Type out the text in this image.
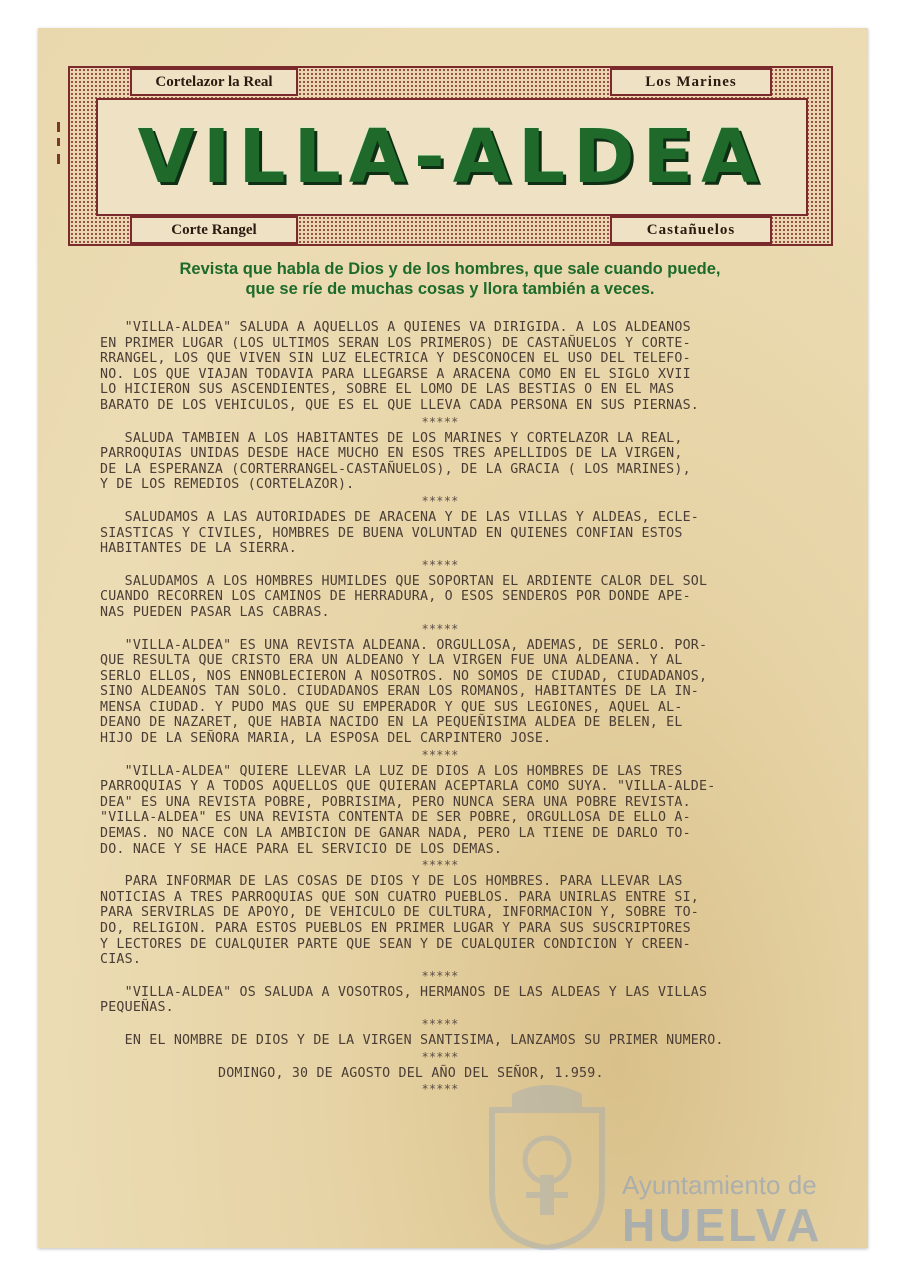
Cortelazor la Real	Los Marines
VILLA-ALDEA
Corte Rangel	Castañuelos
Revista que habla de Dios y de los hombres, que sale cuando puede,
que se ríe de muchas cosas y llora también a veces.
"VILLA-ALDEA" SALUDA A AQUELLOS A QUIENES VA DIRIGIDA. A LOS ALDEANOS
EN PRIMER LUGAR (LOS ULTIMOS SERAN LOS PRIMEROS) DE CASTAÑUELOS Y CORTE-
RRANGEL, LOS QUE VIVEN SIN LUZ ELECTRICA Y DESCONOCEN EL USO DEL TELEFO-
NO. LOS QUE VIAJAN TODAVIA PARA LLEGARSE A ARACENA COMO EN EL SIGLO XVII
LO HICIERON SUS ASCENDIENTES, SOBRE EL LOMO DE LAS BESTIAS O EN EL MAS
BARATO DE LOS VEHICULOS, QUE ES EL QUE LLEVA CADA PERSONA EN SUS PIERNAS.
*****
SALUDA TAMBIEN A LOS HABITANTES DE LOS MARINES Y CORTELAZOR LA REAL,
PARROQUIAS UNIDAS DESDE HACE MUCHO EN ESOS TRES APELLIDOS DE LA VIRGEN,
DE LA ESPERANZA (CORTERRANGEL-CASTAÑUELOS), DE LA GRACIA ( LOS MARINES),
Y DE LOS REMEDIOS (CORTELAZOR).
*****
SALUDAMOS A LAS AUTORIDADES DE ARACENA Y DE LAS VILLAS Y ALDEAS, ECLE-
SIASTICAS Y CIVILES, HOMBRES DE BUENA VOLUNTAD EN QUIENES CONFIAN ESTOS
HABITANTES DE LA SIERRA.
*****
SALUDAMOS A LOS HOMBRES HUMILDES QUE SOPORTAN EL ARDIENTE CALOR DEL SOL
CUANDO RECORREN LOS CAMINOS DE HERRADURA, O ESOS SENDEROS POR DONDE APE-
NAS PUEDEN PASAR LAS CABRAS.
*****
"VILLA-ALDEA" ES UNA REVISTA ALDEANA. ORGULLOSA, ADEMAS, DE SERLO. POR-
QUE RESULTA QUE CRISTO ERA UN ALDEANO Y LA VIRGEN FUE UNA ALDEANA. Y AL
SERLO ELLOS, NOS ENNOBLECIERON A NOSOTROS. NO SOMOS DE CIUDAD, CIUDADANOS,
SINO ALDEANOS TAN SOLO. CIUDADANOS ERAN LOS ROMANOS, HABITANTES DE LA IN-
MENSA CIUDAD. Y PUDO MAS QUE SU EMPERADOR Y QUE SUS LEGIONES, AQUEL AL-
DEANO DE NAZARET, QUE HABIA NACIDO EN LA PEQUEÑISIMA ALDEA DE BELEN, EL
HIJO DE LA SEÑORA MARIA, LA ESPOSA DEL CARPINTERO JOSE.
*****
"VILLA-ALDEA" QUIERE LLEVAR LA LUZ DE DIOS A LOS HOMBRES DE LAS TRES
PARROQUIAS Y A TODOS AQUELLOS QUE QUIERAN ACEPTARLA COMO SUYA. "VILLA-ALDE-
DEA" ES UNA REVISTA POBRE, POBRISIMA, PERO NUNCA SERA UNA POBRE REVISTA.
"VILLA-ALDEA" ES UNA REVISTA CONTENTA DE SER POBRE, ORGULLOSA DE ELLO A-
DEMAS. NO NACE CON LA AMBICION DE GANAR NADA, PERO LA TIENE DE DARLO TO-
DO. NACE Y SE HACE PARA EL SERVICIO DE LOS DEMAS.
*****
PARA INFORMAR DE LAS COSAS DE DIOS Y DE LOS HOMBRES. PARA LLEVAR LAS
NOTICIAS A TRES PARROQUIAS QUE SON CUATRO PUEBLOS. PARA UNIRLAS ENTRE SI,
PARA SERVIRLAS DE APOYO, DE VEHICULO DE CULTURA, INFORMACION Y, SOBRE TO-
DO, RELIGION. PARA ESTOS PUEBLOS EN PRIMER LUGAR Y PARA SUS SUSCRIPTORES
Y LECTORES DE CUALQUIER PARTE QUE SEAN Y DE CUALQUIER CONDICION Y CREEN-
CIAS.
*****
"VILLA-ALDEA" OS SALUDA A VOSOTROS, HERMANOS DE LAS ALDEAS Y LAS VILLAS
PEQUEÑAS.
*****
EN EL NOMBRE DE DIOS Y DE LA VIRGEN SANTISIMA, LANZAMOS SU PRIMER NUMERO.
*****
DOMINGO, 30 DE AGOSTO DEL AÑO DEL SEÑOR, 1.959.
*****
Ayuntamiento de
HUELVA
